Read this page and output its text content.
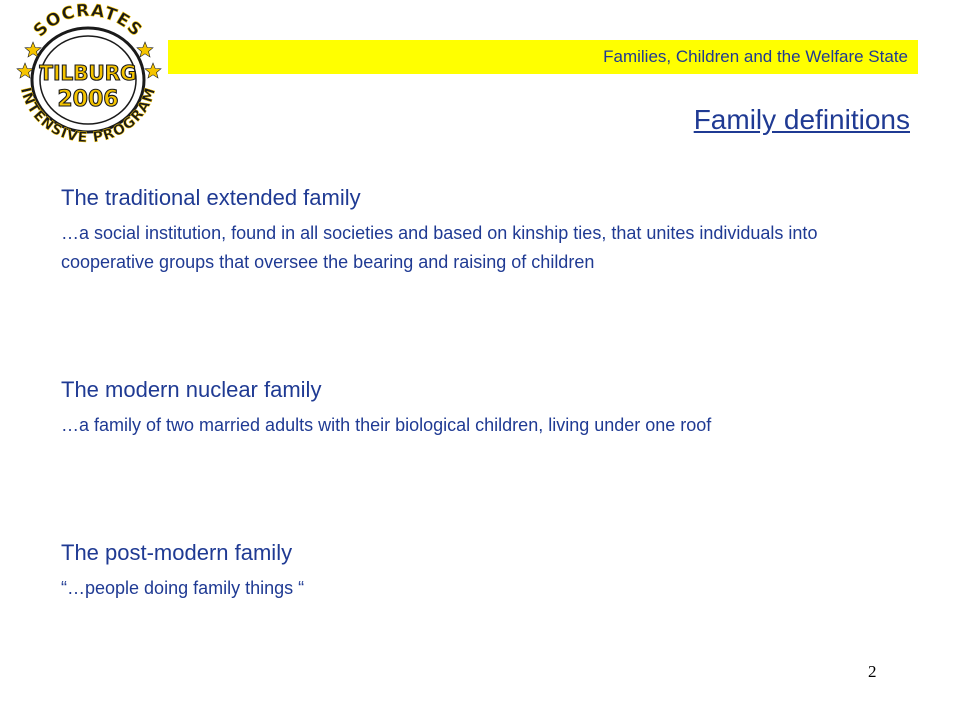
SOCRATES
INTENSIVE PROGRAM
TILBURG
2006
Families, Children and the Welfare State
Family definitions
The traditional extended family

…a social institution, found in all societies and based on kinship ties, that unites individuals into cooperative groups that oversee the bearing and raising of children

The modern nuclear family

…a family of two married adults with their biological children, living under one roof

The post-modern family

“…people doing family things “

2
